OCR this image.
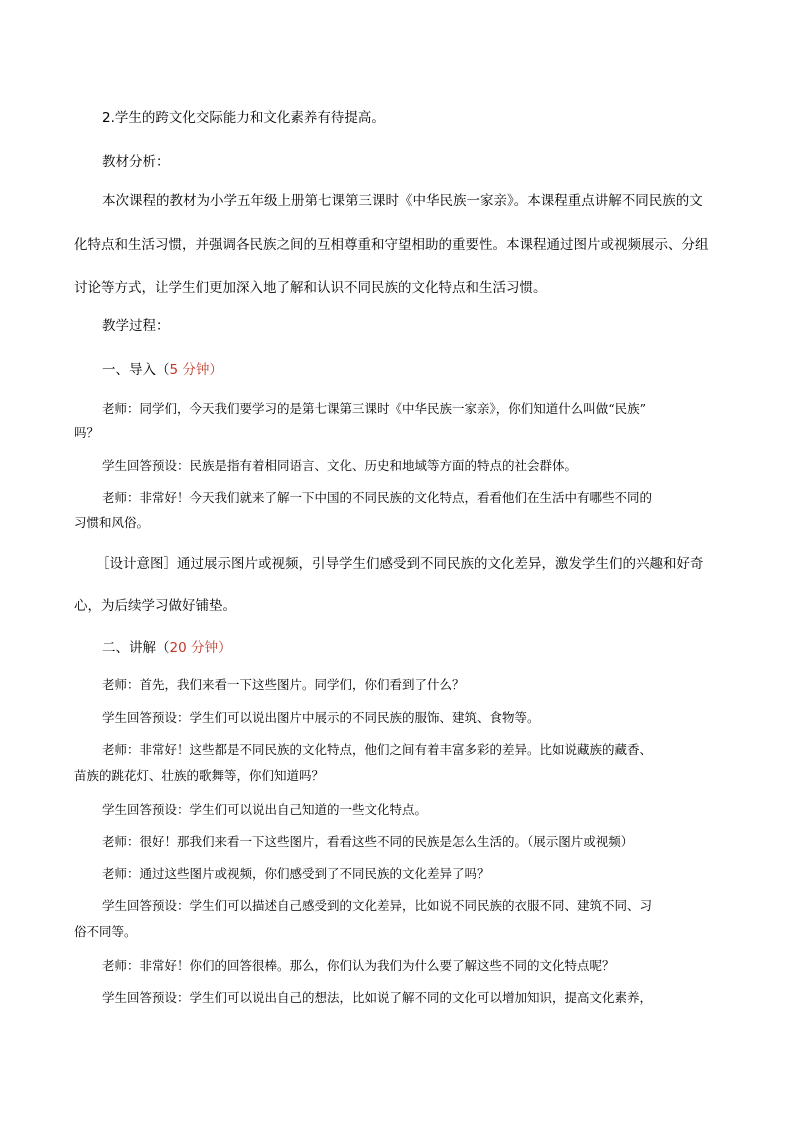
2.学生的跨文化交际能力和文化素养有待提高。
教材分析：
本次课程的教材为小学五年级上册第七课第三课时《中华民族一家亲》。本课程重点讲解不同民族的文
化特点和生活习惯，并强调各民族之间的互相尊重和守望相助的重要性。本课程通过图片或视频展示、分组
讨论等方式，让学生们更加深入地了解和认识不同民族的文化特点和生活习惯。
教学过程：
一、导入（5 分钟）
老师：同学们，今天我们要学习的是第七课第三课时《中华民族一家亲》，你们知道什么叫做“民族”
吗？
学生回答预设：民族是指有着相同语言、文化、历史和地域等方面的特点的社会群体。
老师：非常好！今天我们就来了解一下中国的不同民族的文化特点，看看他们在生活中有哪些不同的
习惯和风俗。
［设计意图］通过展示图片或视频，引导学生们感受到不同民族的文化差异，激发学生们的兴趣和好奇
心，为后续学习做好铺垫。
二、讲解（20 分钟）
老师：首先，我们来看一下这些图片。同学们，你们看到了什么？
学生回答预设：学生们可以说出图片中展示的不同民族的服饰、建筑、食物等。
老师：非常好！这些都是不同民族的文化特点，他们之间有着丰富多彩的差异。比如说藏族的藏香、
苗族的跳花灯、壮族的歌舞等，你们知道吗？
学生回答预设：学生们可以说出自己知道的一些文化特点。
老师：很好！那我们来看一下这些图片，看看这些不同的民族是怎么生活的。（展示图片或视频）
老师：通过这些图片或视频，你们感受到了不同民族的文化差异了吗？
学生回答预设：学生们可以描述自己感受到的文化差异，比如说不同民族的衣服不同、建筑不同、习
俗不同等。
老师：非常好！你们的回答很棒。那么，你们认为我们为什么要了解这些不同的文化特点呢？
学生回答预设：学生们可以说出自己的想法，比如说了解不同的文化可以增加知识，提高文化素养，
